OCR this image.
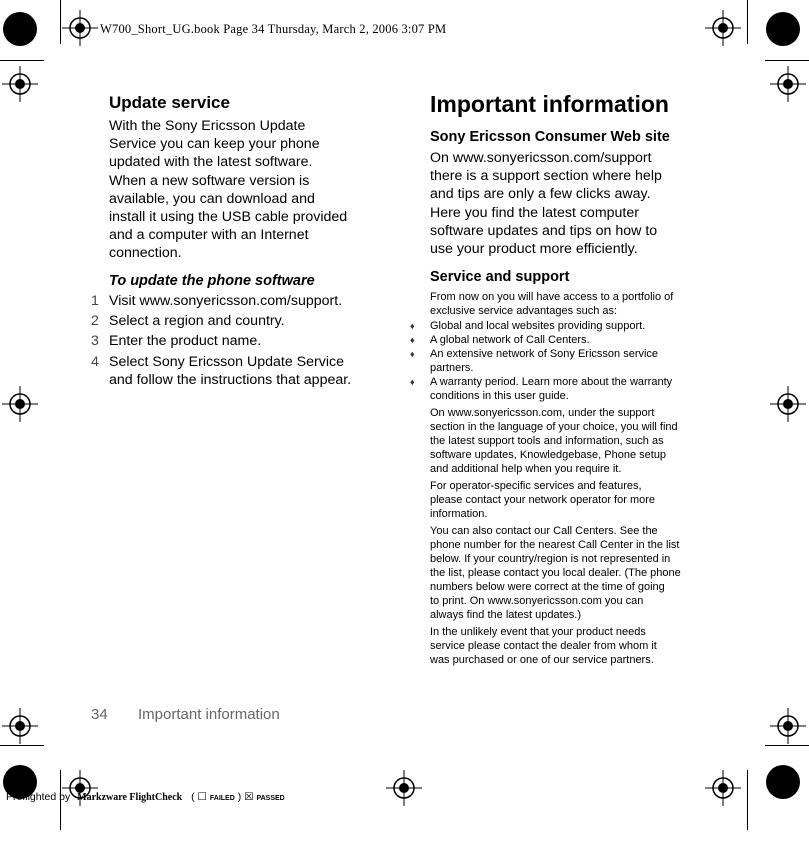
W700_Short_UG.book Page 34 Thursday, March 2, 2006 3:07 PM
Update service
With the Sony Ericsson Update
Service you can keep your phone
updated with the latest software.
When a new software version is
available, you can download and
install it using the USB cable provided
and a computer with an Internet
connection.
To update the phone software
1 Visit www.sonyericsson.com/support.
2 Select a region and country.
3 Enter the product name.
4 Select Sony Ericsson Update Service
and follow the instructions that appear.
Important information
Sony Ericsson Consumer Web site
On www.sonyericsson.com/support
there is a support section where help
and tips are only a few clicks away.
Here you find the latest computer
software updates and tips on how to
use your product more efficiently.
Service and support
From now on you will have access to a portfolio of
exclusive service advantages such as:
♦ Global and local websites providing support.
♦ A global network of Call Centers.
♦ An extensive network of Sony Ericsson service
partners.
♦ A warranty period. Learn more about the warranty
conditions in this user guide.
On www.sonyericsson.com, under the support
section in the language of your choice, you will find
the latest support tools and information, such as
software updates, Knowledgebase, Phone setup
and additional help when you require it.
For operator-specific services and features,
please contact your network operator for more
information.
You can also contact our Call Centers. See the
phone number for the nearest Call Center in the list
below. If your country/region is not represented in
the list, please contact you local dealer. (The phone
numbers below were correct at the time of going
to print. On www.sonyericsson.com you can
always find the latest updates.)
In the unlikely event that your product needs
service please contact the dealer from whom it
was purchased or one of our service partners.
34 Important information
Preflighted by Markzware FlightCheck ( ☐ FAILED ) ☒ PASSED
